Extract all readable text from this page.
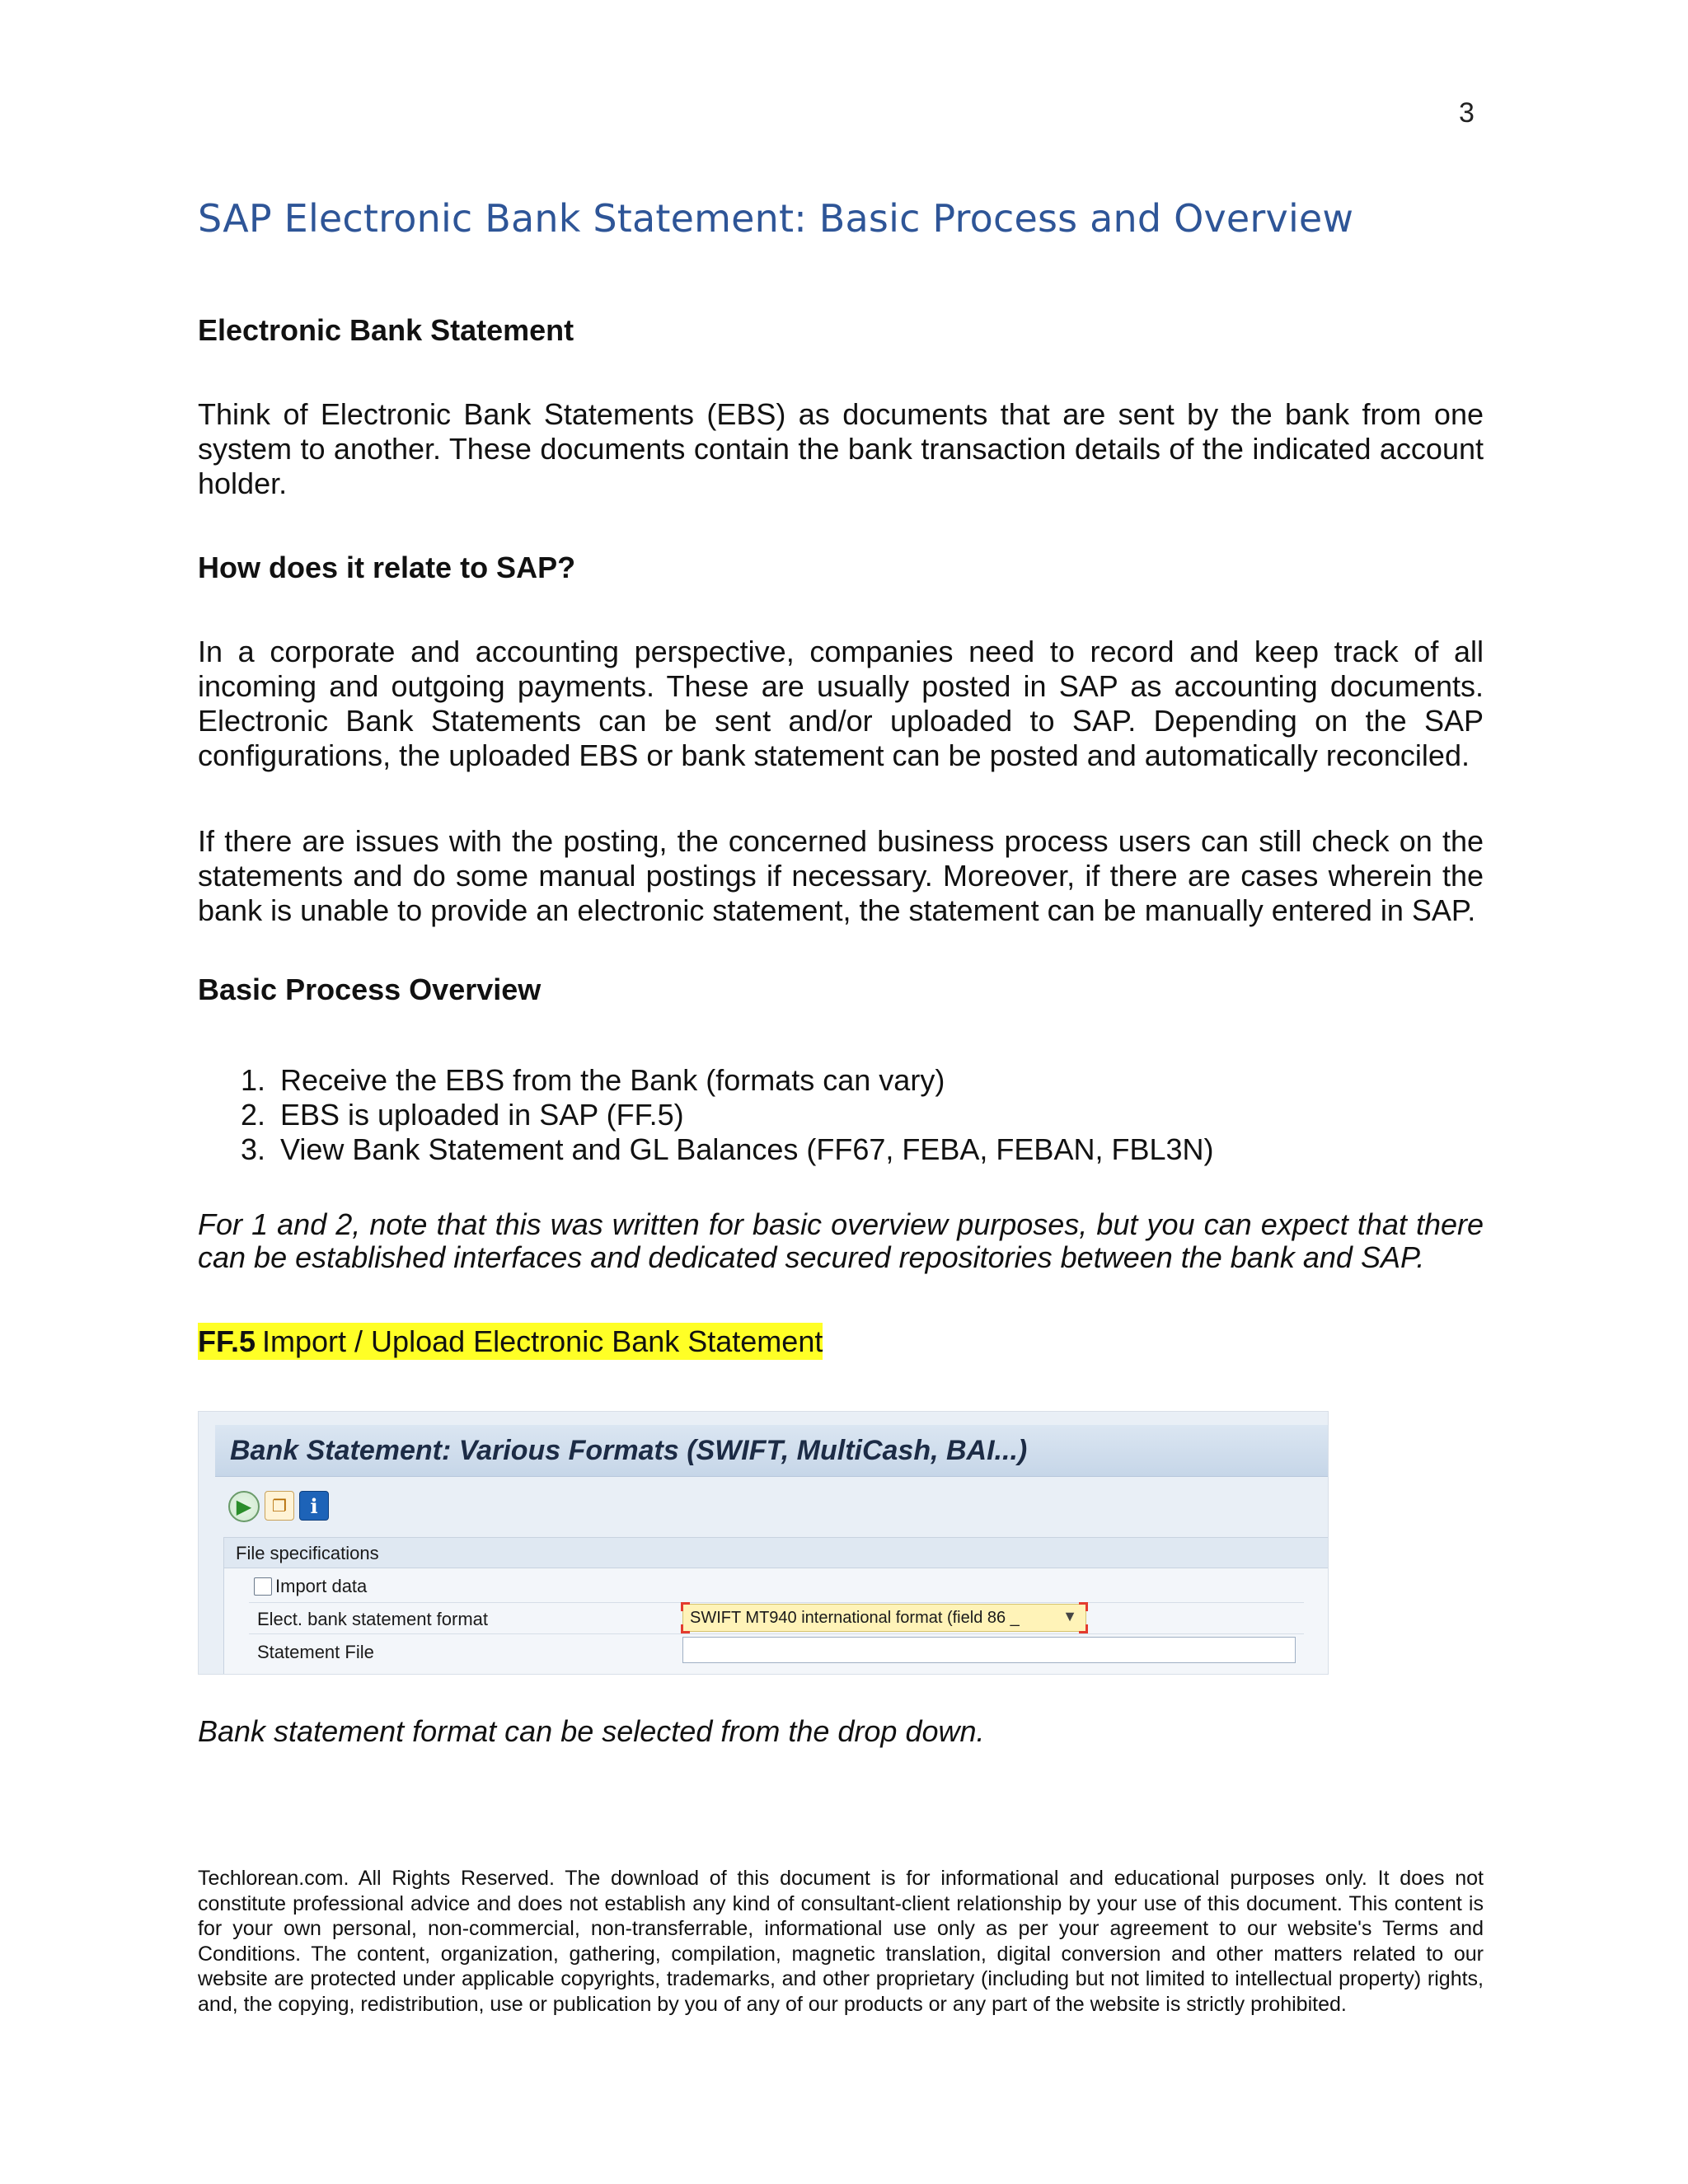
3
SAP Electronic Bank Statement: Basic Process and Overview
Electronic Bank Statement

Think of Electronic Bank Statements (EBS) as documents that are sent by the bank from one system to another. These documents contain the bank transaction details of the indicated account holder.

How does it relate to SAP?

In a corporate and accounting perspective, companies need to record and keep track of all incoming and outgoing payments. These are usually posted in SAP as accounting documents. Electronic Bank Statements can be sent and/or uploaded to SAP. Depending on the SAP configurations, the uploaded EBS or bank statement can be posted and automatically reconciled.

If there are issues with the posting, the concerned business process users can still check on the statements and do some manual postings if necessary. Moreover, if there are cases wherein the bank is unable to provide an electronic statement, the statement can be manually entered in SAP.

Basic Process Overview
1. Receive the EBS from the Bank (formats can vary)
2. EBS is uploaded in SAP (FF.5)
3. View Bank Statement and GL Balances (FF67, FEBA, FEBAN, FBL3N)

For 1 and 2, note that this was written for basic overview purposes, but you can expect that there can be established interfaces and dedicated secured repositories between the bank and SAP.

FF.5 Import / Upload Electronic Bank Statement
Bank Statement: Various Formats (SWIFT, MultiCash, BAI...)
▶	❐	i
File specifications
Import data
Elect. bank statement format	SWIFT MT940 international format (field 86 _	▼
Statement File
Bank statement format can be selected from the drop down.

Techlorean.com. All Rights Reserved. The download of this document is for informational and educational purposes only. It does not constitute professional advice and does not establish any kind of consultant-client relationship by your use of this document. This content is for your own personal, non-commercial, non-transferrable, informational use only as per your agreement to our website's Terms and Conditions. The content, organization, gathering, compilation, magnetic translation, digital conversion and other matters related to our website are protected under applicable copyrights, trademarks, and other proprietary (including but not limited to intellectual property) rights, and, the copying, redistribution, use or publication by you of any of our products or any part of the website is strictly prohibited.
